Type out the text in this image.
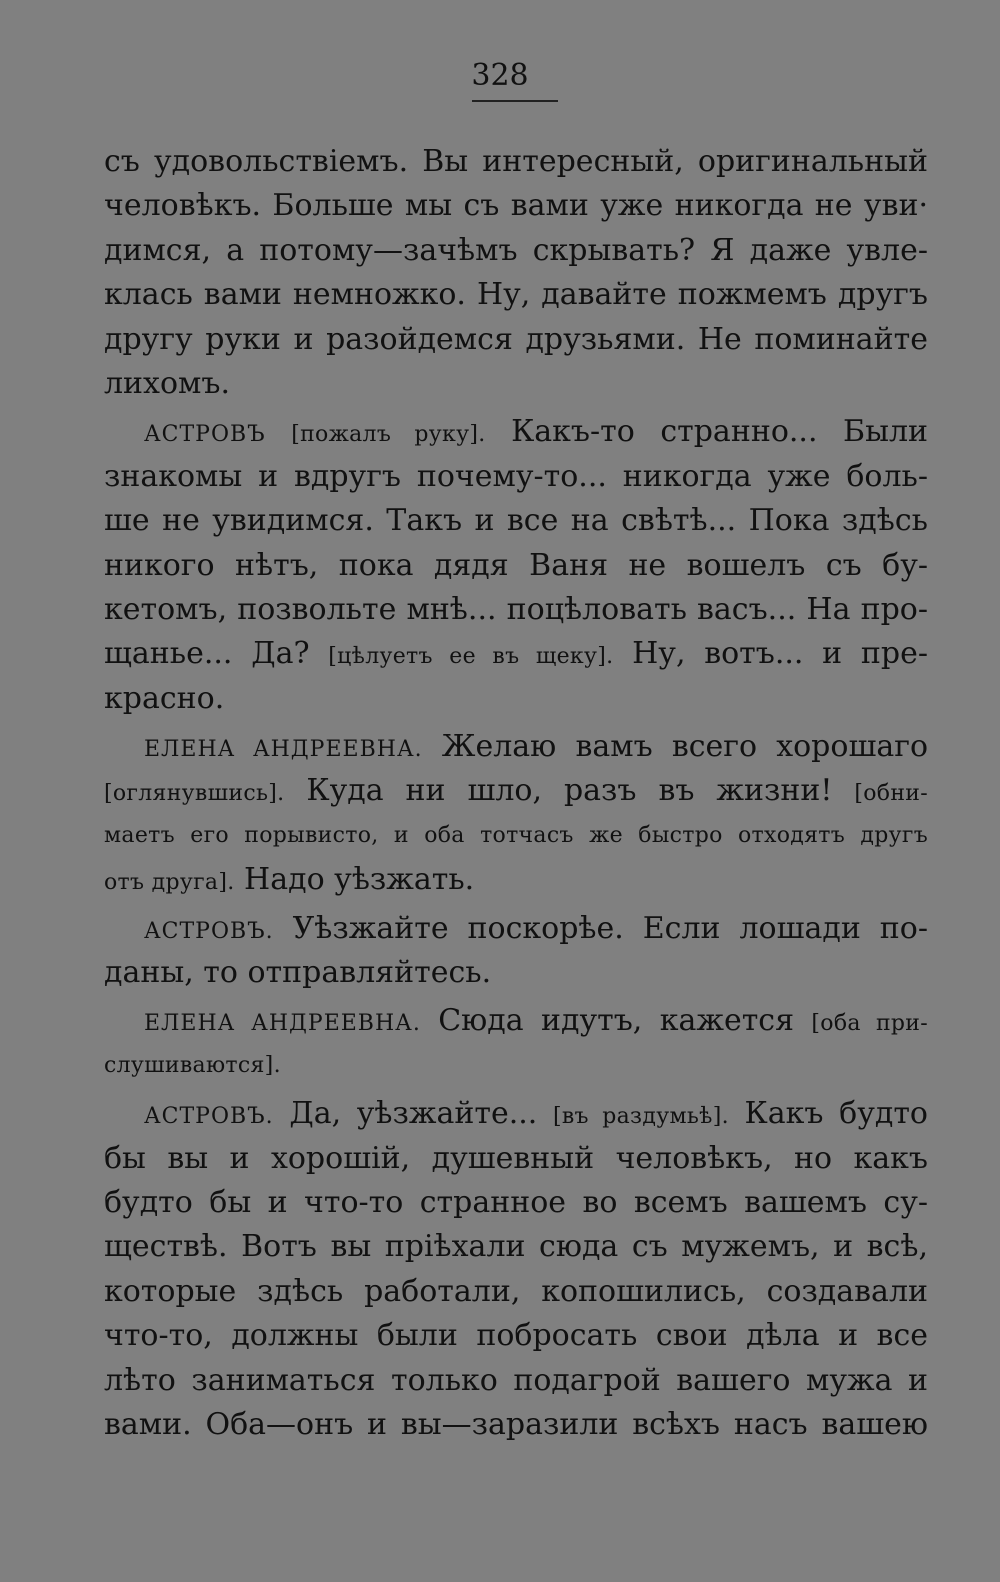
328

съ удовольствіемъ. Вы интересный, оригинальный
человѣкъ. Больше мы съ вами уже никогда не уви·
димся, а потому—зачѣмъ скрывать? Я даже увле-
клась вами немножко. Ну, давайте пожмемъ другъ
другу руки и разойдемся друзьями. Не поминайте
лихомъ.

АСТРОВЪ [пожалъ руку]. Какъ-то странно... Были
знакомы и вдругъ почему-то... никогда уже боль-
ше не увидимся. Такъ и все на свѣтѣ... Пока здѣсь
никого нѣтъ, пока дядя Ваня не вошелъ съ бу-
кетомъ, позвольте мнѣ... поцѣловать васъ... На про-
щанье... Да? [цѣлуетъ ее въ щеку]. Ну, вотъ... и пре-
красно.

ЕЛЕНА АНДРЕЕВНА. Желаю вамъ всего хорошаго
[оглянувшись]. Куда ни шло, разъ въ жизни! [обни-
маетъ его порывисто, и оба тотчасъ же быстро отходятъ другъ
отъ друга]. Надо уѣзжать.

АСТРОВЪ. Уѣзжайте поскорѣе. Если лошади по-
даны, то отправляйтесь.

ЕЛЕНА АНДРЕЕВНА. Сюда идутъ, кажется [оба при-
слушиваются].

АСТРОВЪ. Да, уѣзжайте... [въ раздумьѣ]. Какъ будто
бы вы и хорошій, душевный человѣкъ, но какъ
будто бы и что-то странное во всемъ вашемъ су-
ществѣ. Вотъ вы пріѣхали сюда съ мужемъ, и всѣ,
которые здѣсь работали, копошились, создавали
что-то, должны были побросать свои дѣла и все
лѣто заниматься только подагрой вашего мужа и
вами. Оба—онъ и вы—заразили всѣхъ насъ вашею
